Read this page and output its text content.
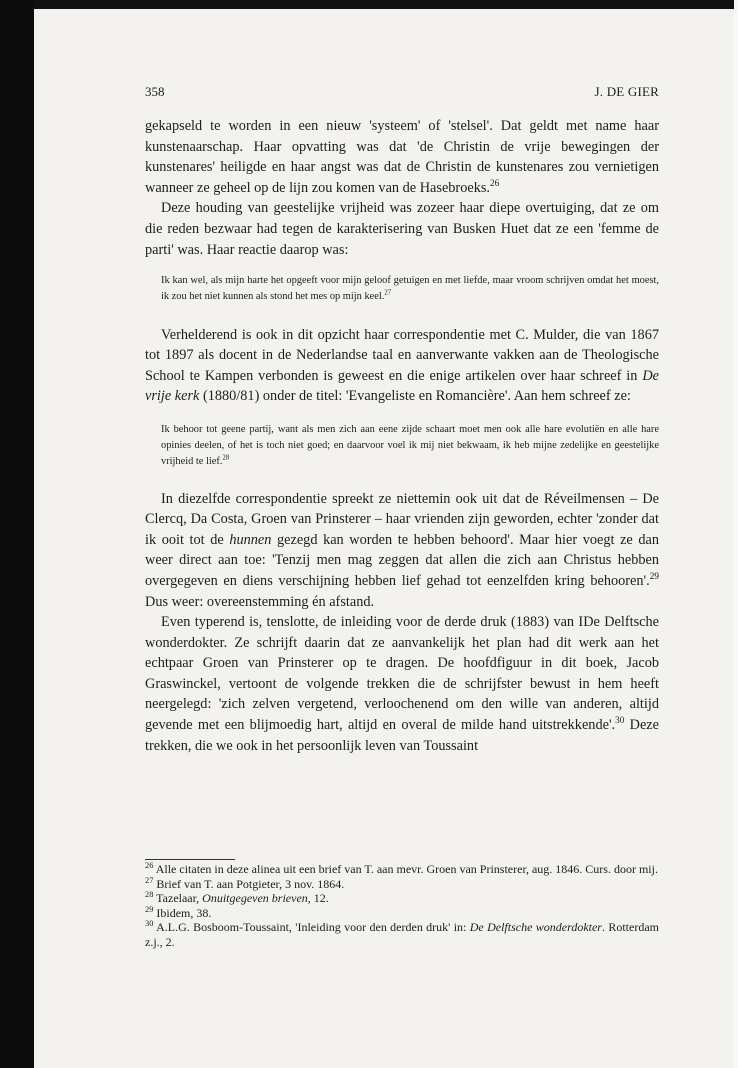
358	J. DE GIER

gekapseld te worden in een nieuw 'systeem' of 'stelsel'. Dat geldt met name haar kunstenaarschap. Haar opvatting was dat 'de Christin de vrije bewegingen der kunstenares' heiligde en haar angst was dat de Christin de kunstenares zou vernietigen wanneer ze geheel op de lijn zou komen van de Hasebroeks.$^{26}$

Deze houding van geestelijke vrijheid was zozeer haar diepe overtuiging, dat ze om die reden bezwaar had tegen de karakterisering van Busken Huet dat ze een 'femme de parti' was. Haar reactie daarop was:

Ik kan wel, als mijn harte het opgeeft voor mijn geloof getuigen en met liefde, maar vroom schrijven omdat het moest, ik zou het niet kunnen als stond het mes op mijn keel.$^{27}$

Verhelderend is ook in dit opzicht haar correspondentie met C. Mulder, die van 1867 tot 1897 als docent in de Nederlandse taal en aanverwante vakken aan de Theologische School te Kampen verbonden is geweest en die enige artikelen over haar schreef in De vrije kerk (1880/81) onder de titel: 'Evangeliste en Romancière'. Aan hem schreef ze:

Ik behoor tot geene partij, want als men zich aan eene zijde schaart moet men ook alle hare evolutiën en alle hare opinies deelen, of het is toch niet goed; en daarvoor voel ik mij niet bekwaam, ik heb mijne zedelijke en geestelijke vrijheid te lief.$^{28}$

In diezelfde correspondentie spreekt ze niettemin ook uit dat de Réveilmensen – De Clercq, Da Costa, Groen van Prinsterer – haar vrienden zijn geworden, echter 'zonder dat ik ooit tot de hunnen gezegd kan worden te hebben behoord'. Maar hier voegt ze dan weer direct aan toe: 'Tenzij men mag zeggen dat allen die zich aan Christus hebben overgegeven en diens verschijning hebben lief gehad tot eenzelfden kring behooren'.$^{29}$ Dus weer: overeenstemming én afstand.

Even typerend is, tenslotte, de inleiding voor de derde druk (1883) van IDe Delftsche wonderdokter. Ze schrijft daarin dat ze aanvankelijk het plan had dit werk aan het echtpaar Groen van Prinsterer op te dragen. De hoofdfiguur in dit boek, Jacob Graswinckel, vertoont de volgende trekken die de schrijfster bewust in hem heeft neergelegd: 'zich zelven vergetend, verloochenend om den wille van anderen, altijd gevende met een blijmoedig hart, altijd en overal de milde hand uitstrekkende'.$^{30}$ Deze trekken, die we ook in het persoonlijk leven van Toussaint

$^{26}$ Alle citaten in deze alinea uit een brief van T. aan mevr. Groen van Prinsterer, aug. 1846. Curs. door mij.

$^{27}$ Brief van T. aan Potgieter, 3 nov. 1864.

$^{28}$ Tazelaar, Onuitgegeven brieven, 12.

$^{29}$ Ibidem, 38.

$^{30}$ A.L.G. Bosboom-Toussaint, 'Inleiding voor den derden druk' in: De Delftsche wonderdokter. Rotterdam z.j., 2.
